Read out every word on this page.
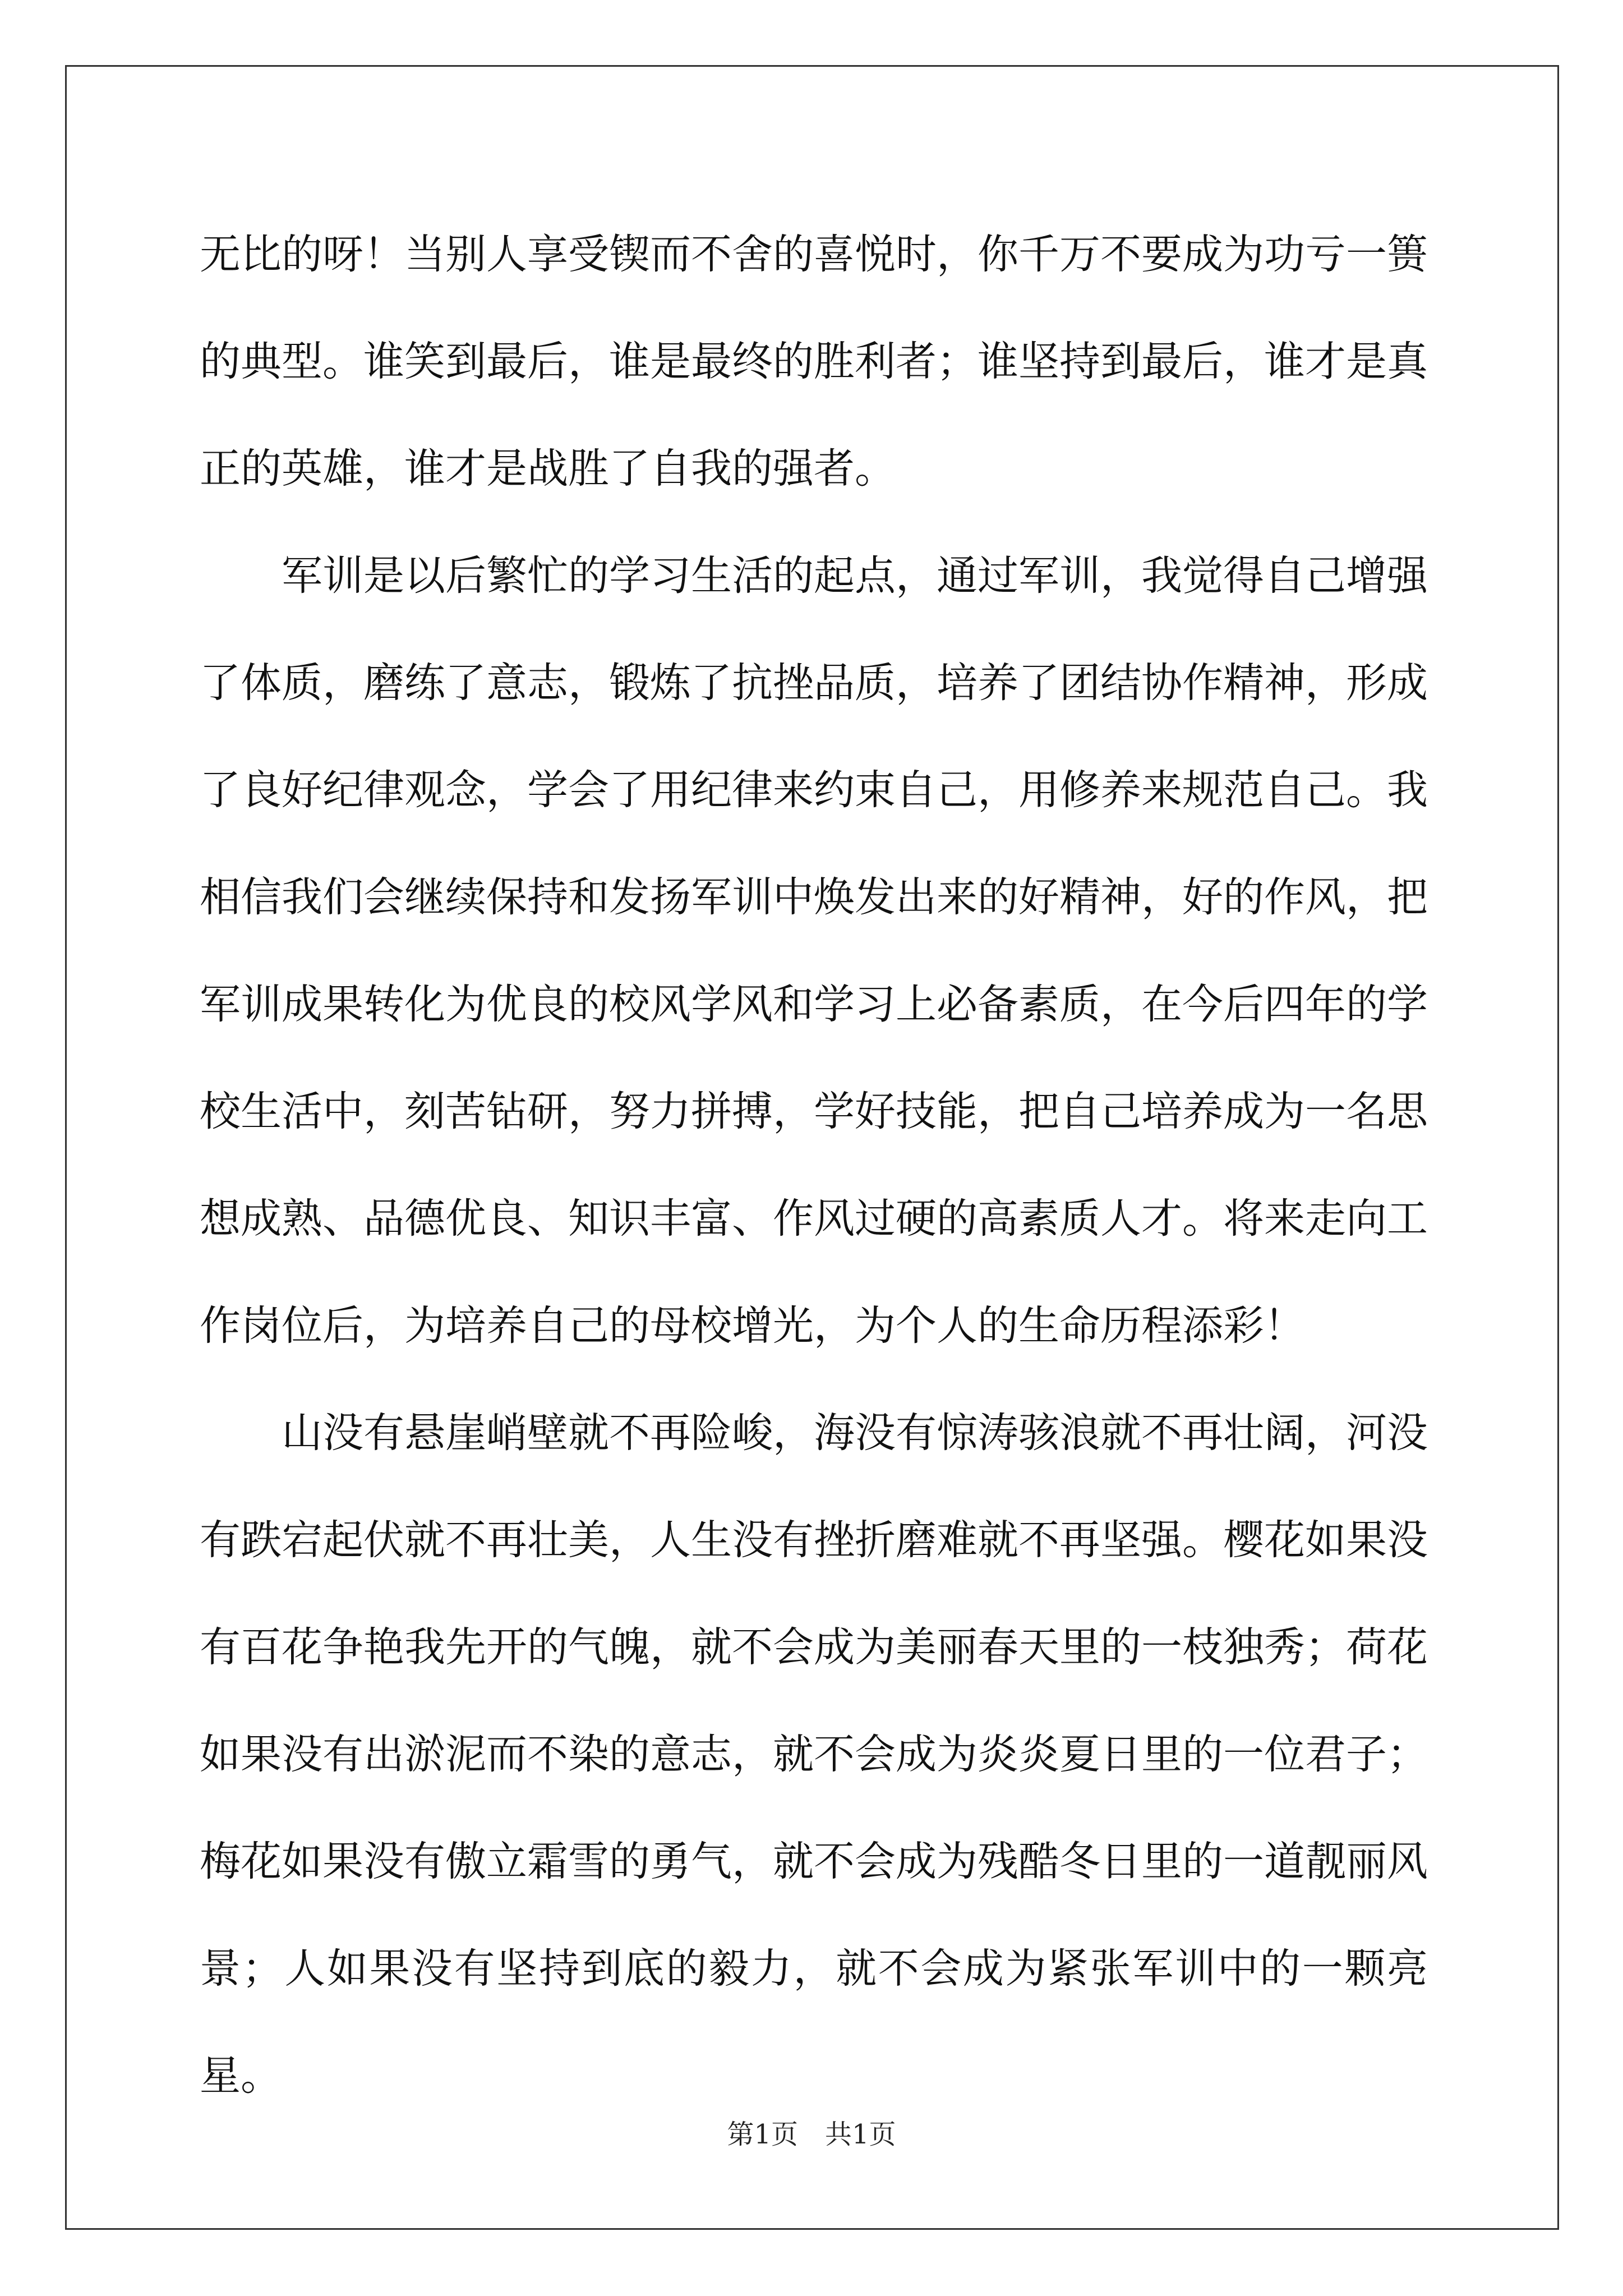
无比的呀！当别人享受锲而不舍的喜悦时，你千万不要成为功亏一篑的典型。谁笑到最后，谁是最终的胜利者；谁坚持到最后，谁才是真正的英雄，谁才是战胜了自我的强者。

军训是以后繁忙的学习生活的起点，通过军训，我觉得自己增强了体质，磨练了意志，锻炼了抗挫品质，培养了团结协作精神，形成了良好纪律观念，学会了用纪律来约束自己，用修养来规范自己。我相信我们会继续保持和发扬军训中焕发出来的好精神，好的作风，把军训成果转化为优良的校风学风和学习上必备素质，在今后四年的学校生活中，刻苦钻研，努力拼搏，学好技能，把自己培养成为一名思想成熟、品德优良、知识丰富、作风过硬的高素质人才。将来走向工作岗位后，为培养自己的母校增光，为个人的生命历程添彩！

山没有悬崖峭壁就不再险峻，海没有惊涛骇浪就不再壮阔，河没有跌宕起伏就不再壮美，人生没有挫折磨难就不再坚强。樱花如果没有百花争艳我先开的气魄，就不会成为美丽春天里的一枝独秀；荷花如果没有出淤泥而不染的意志，就不会成为炎炎夏日里的一位君子；梅花如果没有傲立霜雪的勇气，就不会成为残酷冬日里的一道靓丽风景；人如果没有坚持到底的毅力，就不会成为紧张军训中的一颗亮星。

第1页　共1页
